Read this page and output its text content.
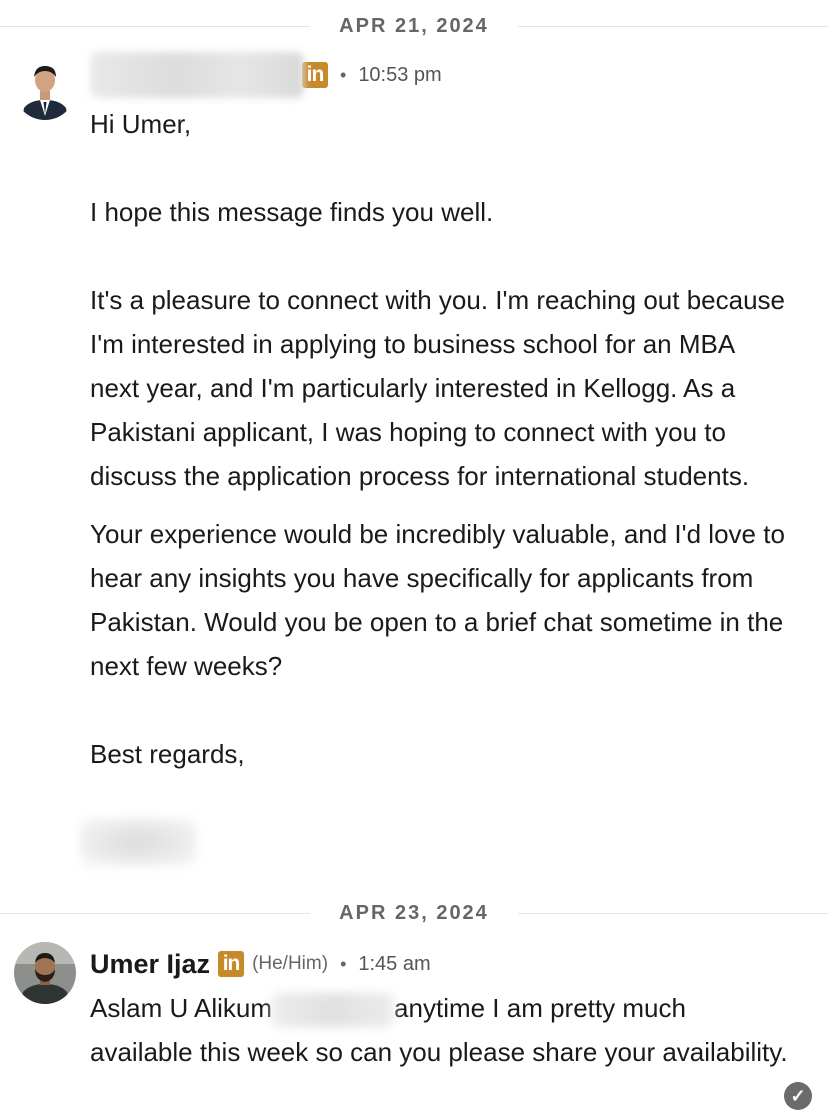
APR 21, 2024
in • 10:53 pm

Hi Umer,

I hope this message finds you well.

It's a pleasure to connect with you. I'm reaching out because I'm interested in applying to business school for an MBA next year, and I'm particularly interested in Kellogg. As a Pakistani applicant, I was hoping to connect with you to discuss the application process for international students.

Your experience would be incredibly valuable, and I'd love to hear any insights you have specifically for applicants from Pakistan. Would you be open to a brief chat sometime in the next few weeks?

Best regards,

APR 23, 2024
Umer Ijaz in (He/Him) • 1:45 am

Aslam U Alikum	anytime I am pretty much available this week so can you please share your availability.

✓
